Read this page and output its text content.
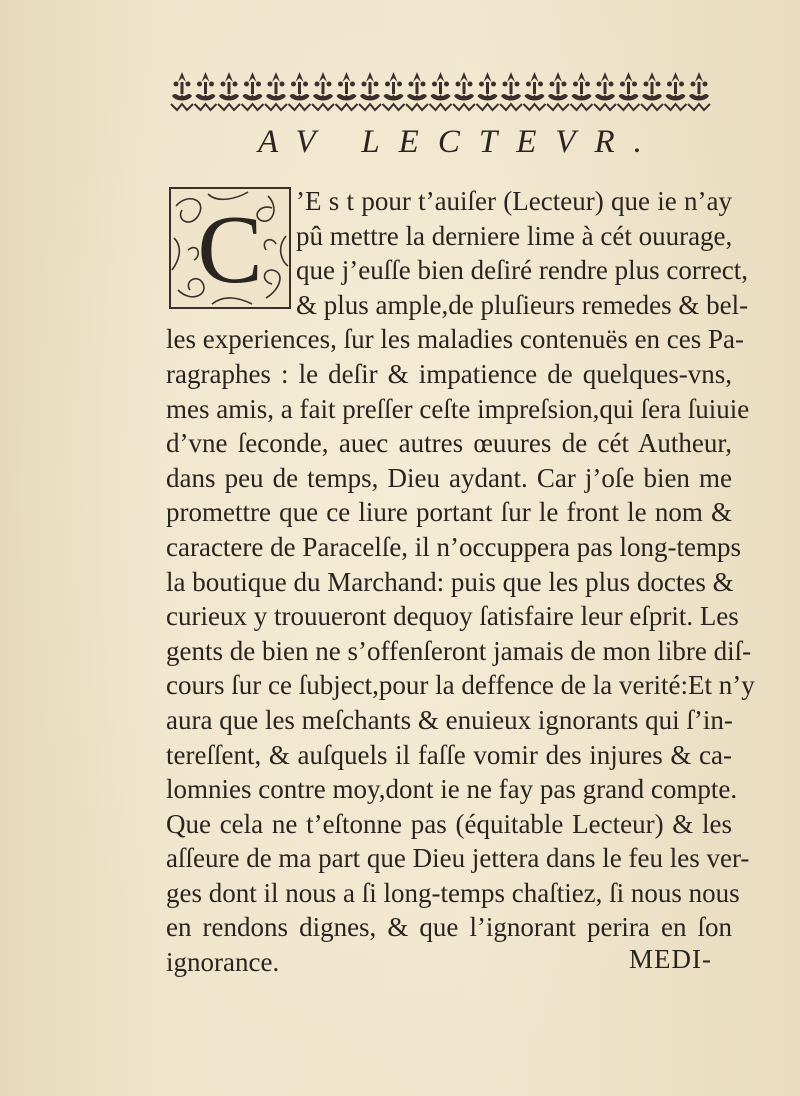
AV LECTEVR.
C	’E s t pour t’auiſer (Lecteur) que ie n’ay
pû mettre la derniere lime à cét ouurage,
que j’euſſe bien deſiré rendre plus correct,
& plus ample,de pluſieurs remedes & bel-
les experiences, ſur les maladies contenuës en ces Pa-
ragraphes : le deſir & impatience de quelques-vns,
mes amis, a fait preſſer ceſte impreſsion,qui ſera ſuiuie
d’vne ſeconde, auec autres œuures de cét Autheur,
dans peu de temps, Dieu aydant. Car j’oſe bien me
promettre que ce liure portant ſur le front le nom &
caractere de Paracelſe, il n’occuppera pas long-temps
la boutique du Marchand: puis que les plus doctes &
curieux y trouueront dequoy ſatisfaire leur eſprit. Les
gents de bien ne s’offenſeront jamais de mon libre diſ-
cours ſur ce ſubject,pour la deffence de la verité:Et n’y
aura que les meſchants & enuieux ignorants qui ſ’in-
tereſſent, & auſquels il faſſe vomir des injures & ca-
lomnies contre moy,dont ie ne fay pas grand compte.
Que cela ne t’eſtonne pas (équitable Lecteur) & les
aſſeure de ma part que Dieu jettera dans le feu les ver-
ges dont il nous a ſi long-temps chaſtiez, ſi nous nous
en rendons dignes, & que l’ignorant perira en ſon
ignorance.	MEDI-
